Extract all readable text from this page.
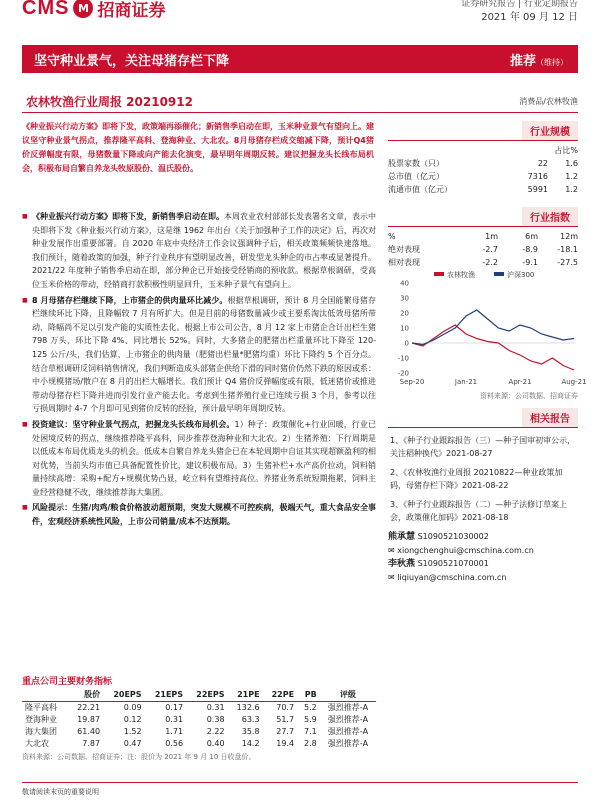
CMS M 招商证券	证券研究报告 | 行业定期报告
2021 年 09 月 12 日
坚守种业景气，关注母猪存栏下降	推荐（维持）
农林牧渔行业周报 20210912	消费品/农林牧渔
《种业振兴行动方案》即将下发，政策端再添催化；新销售季启动在即，玉米种业景气有望向上。建议坚守种业景气拐点，推荐隆平高科、登海种业、大北农。8月母猪存栏成交缩减下降，预计Q4猪价反弹幅度有限，母猪数量下降或向产能去化演变，最早明年周期反转。建议把握龙头长线布局机会，积极布局自繁自养龙头牧原股份、温氏股份。

■ 《种业振兴行动方案》即将下发，新销售季启动在即。本周农业农村部部长发表署名文章，表示中央即将下发《种业振兴行动方案》，这是继 1962 年出台《关于加强种子工作的决定》后，再次对种业发展作出重要部署。自 2020 年底中央经济工作会议强调种子后，相关政策频频快速落地。我们预计，随着政策的加强，种子行业秩序有望明显改善，研发型龙头种企的市占率或显著提升。2021/22 年度种子销售季启动在即，部分种企已开始接受经销商的预收款。根据草根调研，受高位玉米价格的带动，经销商打款积极性明显回升，玉米种子景气有望向上。

■ 8 月母猪存栏继续下降，上市猪企的供肉量环比减少。根据草根调研，预计 8 月全国能繁母猪存栏继续环比下降，且降幅较 7 月有所扩大。但是目前的母猪数量减少或主要系淘汰低效母猪所带动、降幅尚不足以引发产能的实质性去化。根据上市公司公告，8 月 12 家上市猪企合计出栏生猪 798 万头，环比下降 4%、同比增长 52%。同时，大多猪企的肥猪出栏重量环比下降至 120-125 公斤/头，我们估算，上市猪企的供肉量（肥猪出栏量*肥猪均重）环比下降约 5 个百分点。结合草根调研反饲料销售情况，我们判断造成头部猪企供给下滑的同时猪价仍然下跌的原因或系：中小规模猪场/散户在 8 月的出栏大幅增长。我们预计 Q4 猪价反弹幅度或有限，低迷猪价或推进带动母猪存栏下降并进而引发行业产能去化。考虑到生猪养殖行业已连续亏损 3 个月，参考以往亏损周期时 4-7 个月即可见到猪价反转的经验，预计最早明年周期反转。

■ 投资建议：坚守种业景气拐点，把握龙头长线布局机会。1）种子：政策催化+行业回暖，行业已处困境反转的拐点，继续推荐隆平高科，同步推荐登海种业和大北农。2）生猪养殖：下行周期是以低成本布局优质龙头的机会。低成本自繁自养龙头猪企已在本轮周期中自证其实现超额盈利的相对优势，当前头均市值已具备配置性价比，建议积极布局。3）生猪补栏+水产高价拉动，饲料销量持续高增：采购+配方+规模优势凸显，屹立料有望维持高位。养猪业务系统短期拖累，饲料主业经营稳健不改，继续推荐海大集团。

■ 风险提示：生猪/肉鸡/粮食价格波动超预期，突发大规模不可控疾病，极端天气，重大食品安全事件，宏观经济系统性风险，上市公司销量/成本不达预期。

行业规模
占比%
股票家数（只）	22	1.6
总市值（亿元）	7316	1.2
流通市值（亿元）	5991	1.2
行业指数
%	1m	6m	12m
绝对表现	-2.7	-8.9	-18.1
相对表现	-2.2	-9.1	-27.5
40
30
20
10
0
-10
-20
Sep-20	Jan-21	Apr-21	Aug-21
农林牧渔	沪深300
资料来源：公司数据、招商证券
相关报告
1、《种子行业跟踪报告（三）—种子国审初审公示，关注稻种换代》2021-08-27
2、《农林牧渔行业周报 20210822—种业政策加码，母猪存栏下降》2021-08-22
3、《种子行业跟踪报告（二）—种子法修订草案上会，政策催化加码》2021-08-18
熊承慧 S1090521030002
✉ xiongchenghui@cmschina.com.cn
李秋燕 S1090521070001
✉ liqiuyan@cmschina.com.cn
重点公司主要财务指标
	股价	20EPS	21EPS	22EPS	21PE	22PE	PB	评级
隆平高科	22.21	0.09	0.17	0.31	132.6	70.7	5.2	强烈推荐-A
登海种业	19.87	0.12	0.31	0.38	63.3	51.7	5.9	强烈推荐-A
海大集团	61.40	1.52	1.71	2.22	35.8	27.7	7.1	强烈推荐-A
大北农	7.87	0.47	0.56	0.40	14.2	19.4	2.8	强烈推荐-A
资料来源：公司数据、招商证券；注：股价为 2021 年 9 月 10 日收盘价。
敬请阅读末页的重要说明
